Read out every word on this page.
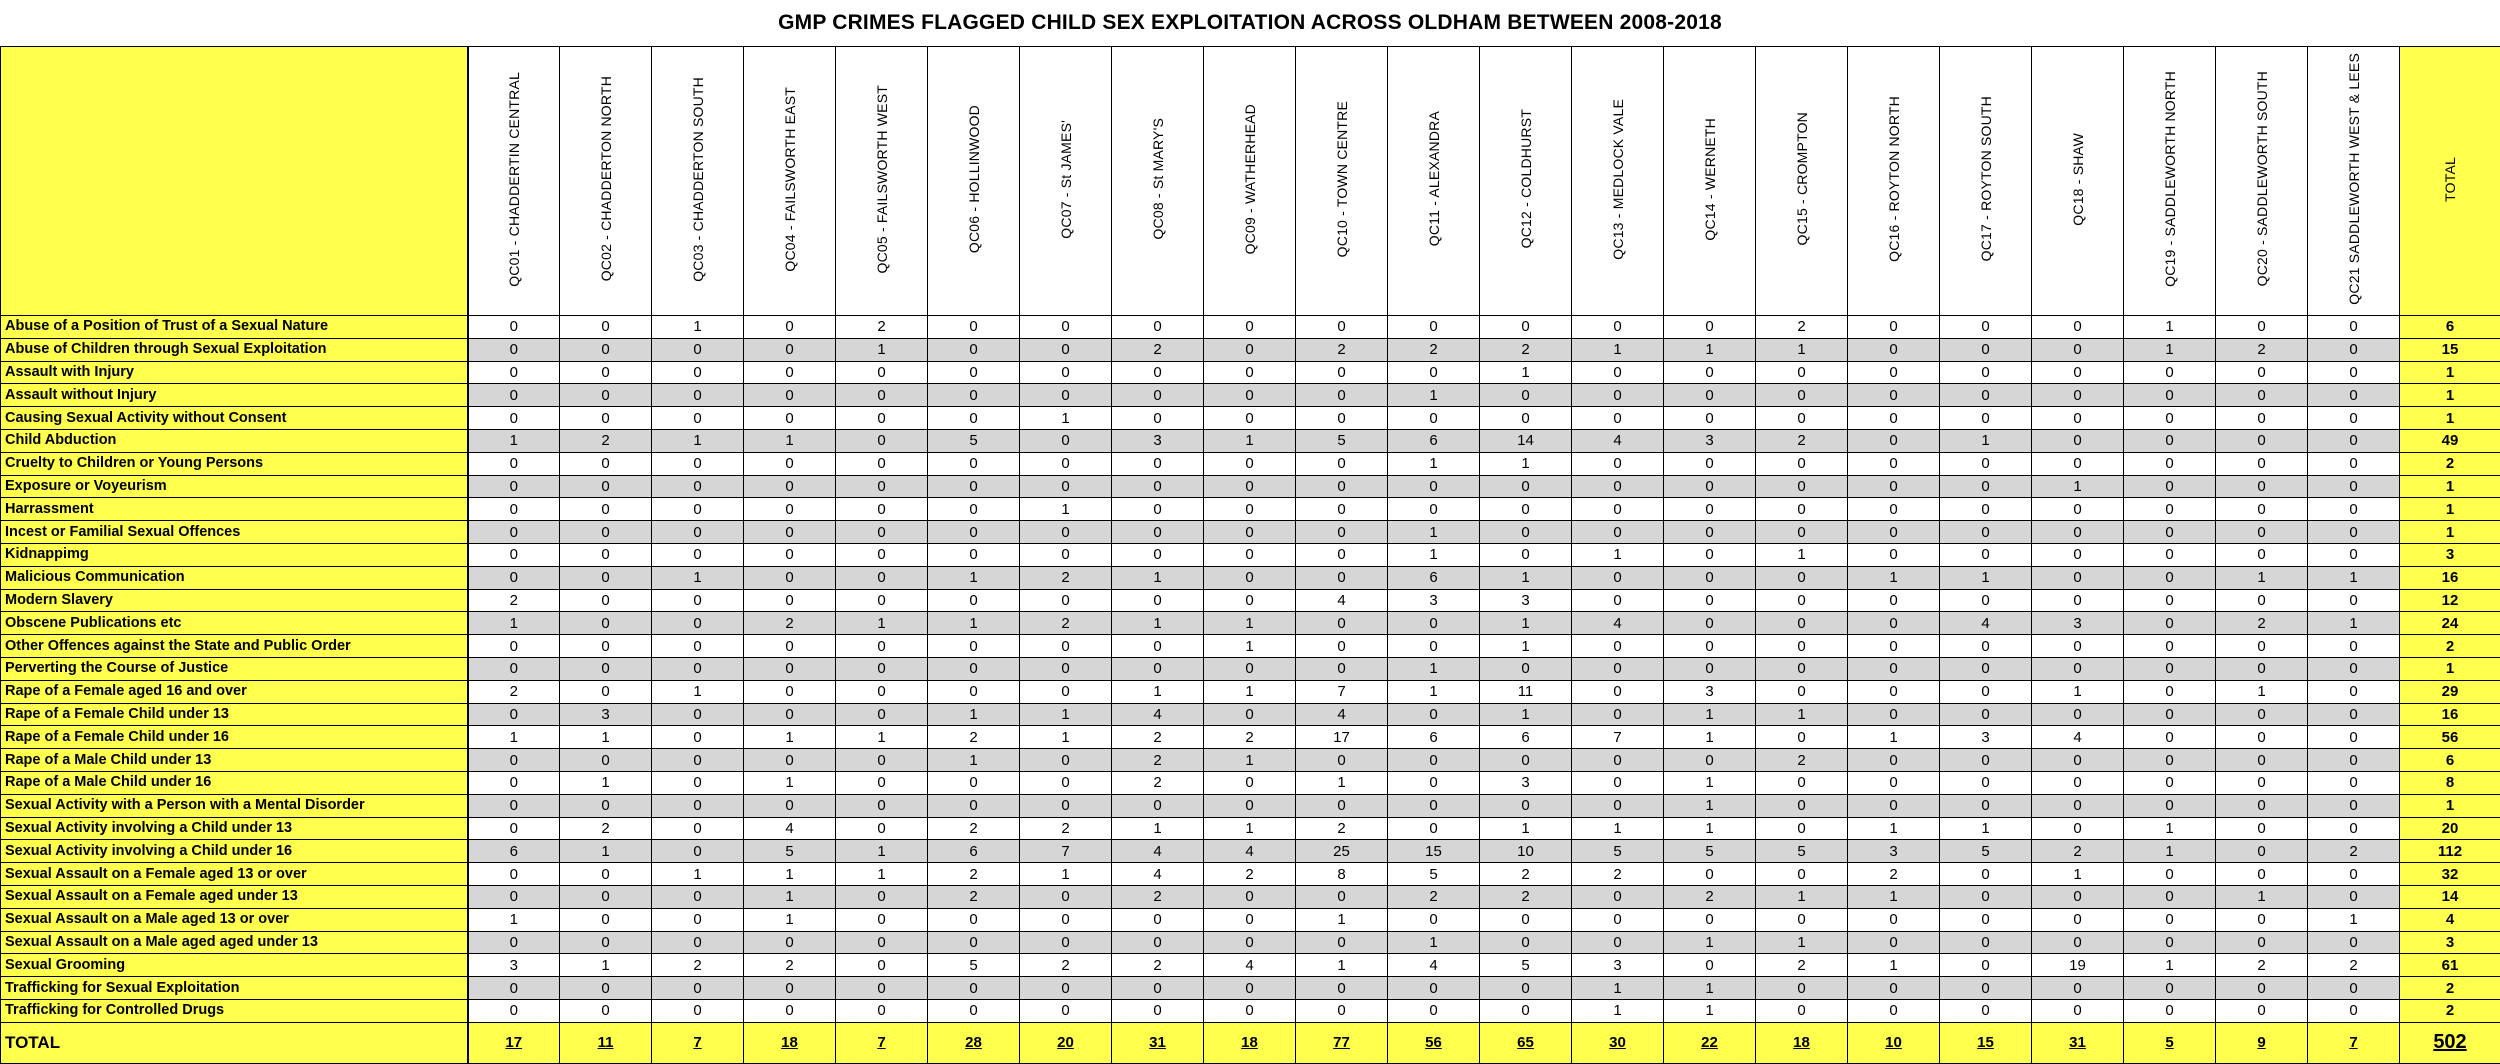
GMP CRIMES FLAGGED CHILD SEX EXPLOITATION ACROSS OLDHAM BETWEEN 2008-2018
	QC01 - CHADDERTIN CENTRAL	QC02 - CHADDERTON NORTH	QC03 - CHADDERTON SOUTH	QC04 - FAILSWORTH EAST	QC05 - FAILSWORTH WEST	QC06 - HOLLINWOOD	QC07 - St JAMES'	QC08 - St MARY'S	QC09 - WATHERHEAD	QC10 - TOWN CENTRE	QC11 - ALEXANDRA	QC12 - COLDHURST	QC13 - MEDLOCK VALE	QC14 - WERNETH	QC15 - CROMPTON	QC16 - ROYTON NORTH	QC17 - ROYTON SOUTH	QC18 - SHAW	QC19 - SADDLEWORTH NORTH	QC20 - SADDLEWORTH SOUTH	QC21 SADDLEWORTH WEST & LEES	TOTAL
Abuse of a Position of Trust of a Sexual Nature	0	0	1	0	2	0	0	0	0	0	0	0	0	0	2	0	0	0	1	0	0	6
Abuse of Children through Sexual Exploitation	0	0	0	0	1	0	0	2	0	2	2	2	1	1	1	0	0	0	1	2	0	15
Assault with Injury	0	0	0	0	0	0	0	0	0	0	0	1	0	0	0	0	0	0	0	0	0	1
Assault without Injury	0	0	0	0	0	0	0	0	0	0	1	0	0	0	0	0	0	0	0	0	0	1
Causing Sexual Activity without Consent	0	0	0	0	0	0	1	0	0	0	0	0	0	0	0	0	0	0	0	0	0	1
Child Abduction	1	2	1	1	0	5	0	3	1	5	6	14	4	3	2	0	1	0	0	0	0	49
Cruelty to Children or Young Persons	0	0	0	0	0	0	0	0	0	0	1	1	0	0	0	0	0	0	0	0	0	2
Exposure or Voyeurism	0	0	0	0	0	0	0	0	0	0	0	0	0	0	0	0	0	1	0	0	0	1
Harrassment	0	0	0	0	0	0	1	0	0	0	0	0	0	0	0	0	0	0	0	0	0	1
Incest or Familial Sexual Offences	0	0	0	0	0	0	0	0	0	0	1	0	0	0	0	0	0	0	0	0	0	1
Kidnappimg	0	0	0	0	0	0	0	0	0	0	1	0	1	0	1	0	0	0	0	0	0	3
Malicious Communication	0	0	1	0	0	1	2	1	0	0	6	1	0	0	0	1	1	0	0	1	1	16
Modern Slavery	2	0	0	0	0	0	0	0	0	4	3	3	0	0	0	0	0	0	0	0	0	12
Obscene Publications etc	1	0	0	2	1	1	2	1	1	0	0	1	4	0	0	0	4	3	0	2	1	24
Other Offences against the State and Public Order	0	0	0	0	0	0	0	0	1	0	0	1	0	0	0	0	0	0	0	0	0	2
Perverting the Course of Justice	0	0	0	0	0	0	0	0	0	0	1	0	0	0	0	0	0	0	0	0	0	1
Rape of a Female aged 16 and over	2	0	1	0	0	0	0	1	1	7	1	11	0	3	0	0	0	1	0	1	0	29
Rape of a Female Child under 13	0	3	0	0	0	1	1	4	0	4	0	1	0	1	1	0	0	0	0	0	0	16
Rape of a Female Child under 16	1	1	0	1	1	2	1	2	2	17	6	6	7	1	0	1	3	4	0	0	0	56
Rape of a Male Child under 13	0	0	0	0	0	1	0	2	1	0	0	0	0	0	2	0	0	0	0	0	0	6
Rape of a Male Child under 16	0	1	0	1	0	0	0	2	0	1	0	3	0	1	0	0	0	0	0	0	0	8
Sexual Activity with a Person with a Mental Disorder	0	0	0	0	0	0	0	0	0	0	0	0	0	1	0	0	0	0	0	0	0	1
Sexual Activity involving a Child under 13	0	2	0	4	0	2	2	1	1	2	0	1	1	1	0	1	1	0	1	0	0	20
Sexual Activity involving a Child under 16	6	1	0	5	1	6	7	4	4	25	15	10	5	5	5	3	5	2	1	0	2	112
Sexual Assault on a Female aged 13 or over	0	0	1	1	1	2	1	4	2	8	5	2	2	0	0	2	0	1	0	0	0	32
Sexual Assault on a Female aged under 13	0	0	0	1	0	2	0	2	0	0	2	2	0	2	1	1	0	0	0	1	0	14
Sexual Assault on a Male aged 13 or over	1	0	0	1	0	0	0	0	0	1	0	0	0	0	0	0	0	0	0	0	1	4
Sexual Assault on a Male aged aged under 13	0	0	0	0	0	0	0	0	0	0	1	0	0	1	1	0	0	0	0	0	0	3
Sexual Grooming	3	1	2	2	0	5	2	2	4	1	4	5	3	0	2	1	0	19	1	2	2	61
Trafficking for Sexual Exploitation	0	0	0	0	0	0	0	0	0	0	0	0	1	1	0	0	0	0	0	0	0	2
Trafficking for Controlled Drugs	0	0	0	0	0	0	0	0	0	0	0	0	1	1	0	0	0	0	0	0	0	2
TOTAL	17	11	7	18	7	28	20	31	18	77	56	65	30	22	18	10	15	31	5	9	7	502
